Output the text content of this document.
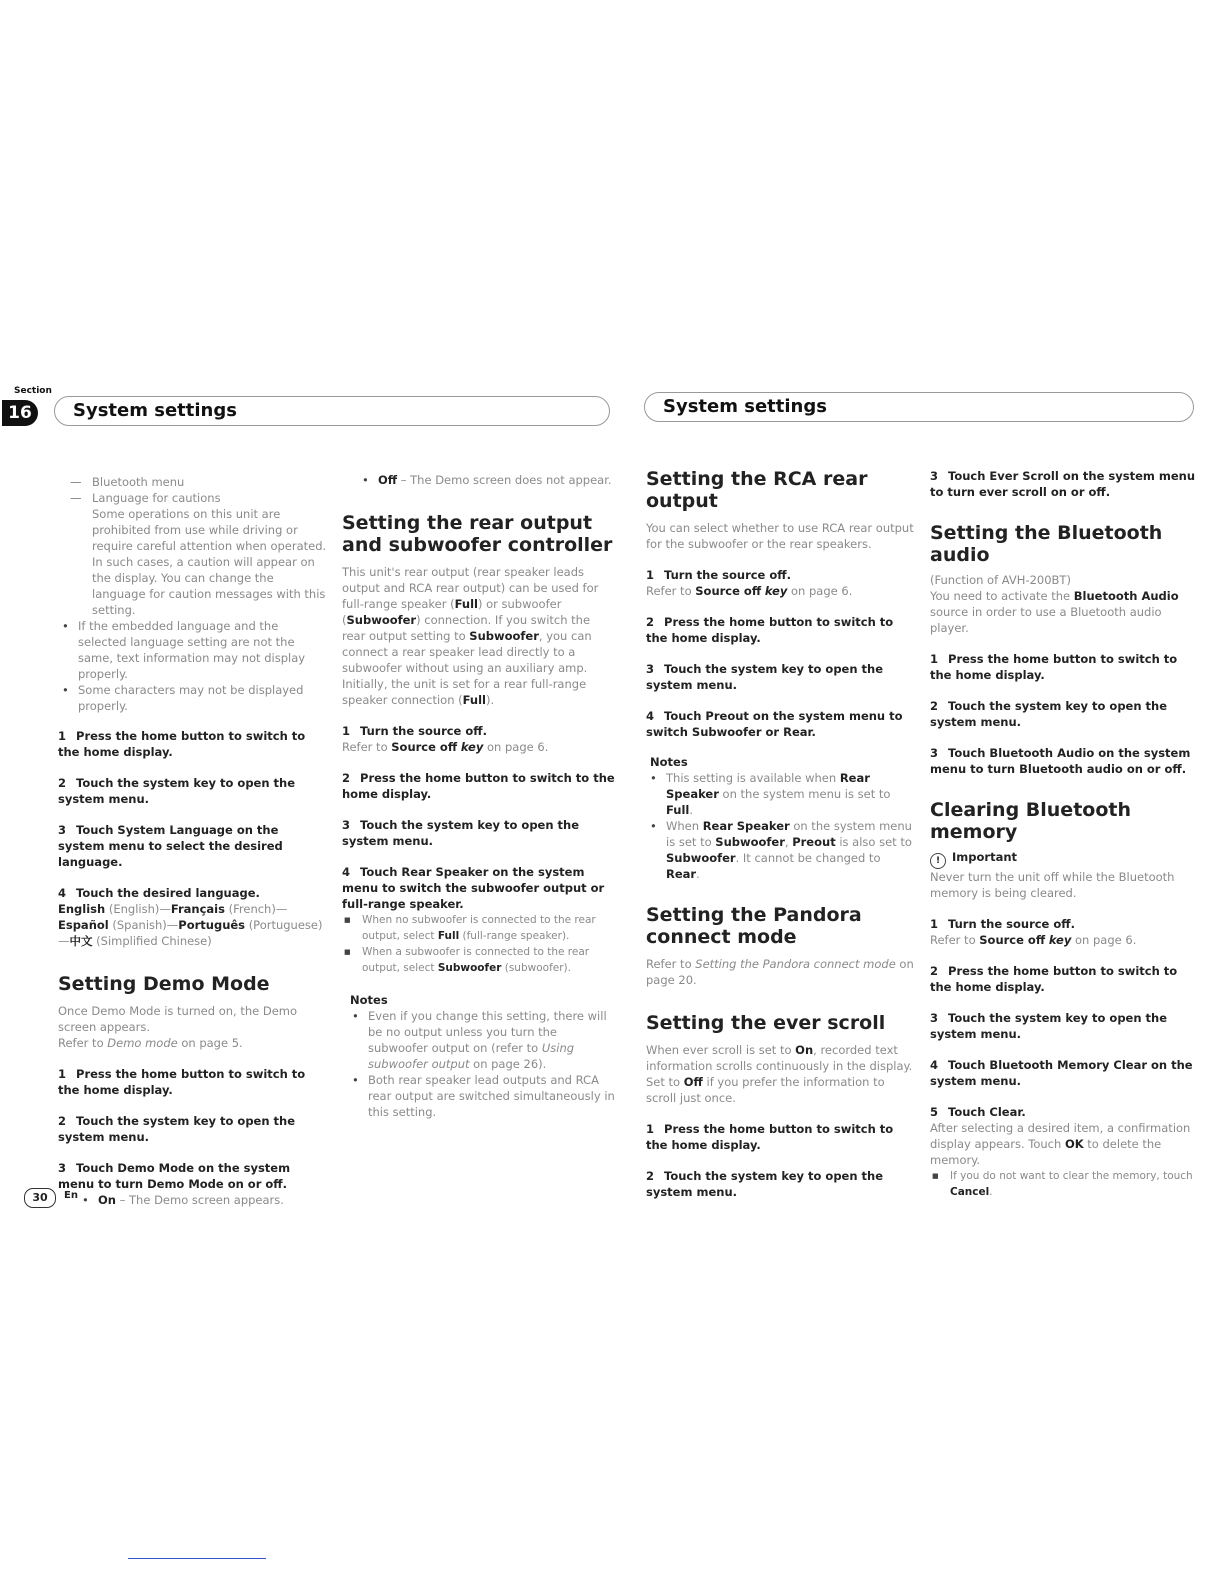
Section
16	System settings	System settings
— Bluetooth menu
— Language for cautions

Some operations on this unit are prohibited from use while driving or require careful attention when operated. In such cases, a caution will appear on the display. You can change the language for caution messages with this setting.

• If the embedded language and the selected language setting are not the same, text information may not display properly.
• Some characters may not be displayed properly.

1 Press the home button to switch to the home display.

2 Touch the system key to open the system menu.

3 Touch System Language on the system menu to select the desired language.

4 Touch the desired language.

English (English)—Français (French)—Español (Spanish)—Português (Portuguese)—中文 (Simplified Chinese)

Setting Demo Mode

Once Demo Mode is turned on, the Demo screen appears.

Refer to Demo mode on page 5.

1 Press the home button to switch to the home display.

2 Touch the system key to open the system menu.

3 Touch Demo Mode on the system menu to turn Demo Mode on or off.

• On – The Demo screen appears.
• Off – The Demo screen does not appear.
Setting the rear output and subwoofer controller

This unit's rear output (rear speaker leads output and RCA rear output) can be used for full-range speaker (Full) or subwoofer (Subwoofer) connection. If you switch the rear output setting to Subwoofer, you can connect a rear speaker lead directly to a subwoofer without using an auxiliary amp.

Initially, the unit is set for a rear full-range speaker connection (Full).

1 Turn the source off.

Refer to Source off key on page 6.

2 Press the home button to switch to the home display.

3 Touch the system key to open the system menu.

4 Touch Rear Speaker on the system menu to switch the subwoofer output or full-range speaker.

■ When no subwoofer is connected to the rear output, select Full (full-range speaker).
■ When a subwoofer is connected to the rear output, select Subwoofer (subwoofer).

Notes

• Even if you change this setting, there will be no output unless you turn the subwoofer output on (refer to Using subwoofer output on page 26).
• Both rear speaker lead outputs and RCA rear output are switched simultaneously in this setting.
Setting the RCA rear output

You can select whether to use RCA rear output for the subwoofer or the rear speakers.

1 Turn the source off.

Refer to Source off key on page 6.

2 Press the home button to switch to the home display.

3 Touch the system key to open the system menu.

4 Touch Preout on the system menu to switch Subwoofer or Rear.

Notes

• This setting is available when Rear Speaker on the system menu is set to Full.
• When Rear Speaker on the system menu is set to Subwoofer, Preout is also set to Subwoofer. It cannot be changed to Rear.
Setting the Pandora connect mode

Refer to Setting the Pandora connect mode on page 20.

Setting the ever scroll

When ever scroll is set to On, recorded text information scrolls continuously in the display. Set to Off if you prefer the information to scroll just once.

1 Press the home button to switch to the home display.

2 Touch the system key to open the system menu.

3 Touch Ever Scroll on the system menu to turn ever scroll on or off.

Setting the Bluetooth audio

(Function of AVH-200BT)

You need to activate the Bluetooth Audio source in order to use a Bluetooth audio player.

1 Press the home button to switch to the home display.

2 Touch the system key to open the system menu.

3 Touch Bluetooth Audio on the system menu to turn Bluetooth audio on or off.

Clearing Bluetooth memory

! Important

Never turn the unit off while the Bluetooth memory is being cleared.

1 Turn the source off.

Refer to Source off key on page 6.

2 Press the home button to switch to the home display.

3 Touch the system key to open the system menu.

4 Touch Bluetooth Memory Clear on the system menu.

5 Touch Clear.

After selecting a desired item, a confirmation display appears. Touch OK to delete the memory.

■ If you do not want to clear the memory, touch Cancel.
30	En
